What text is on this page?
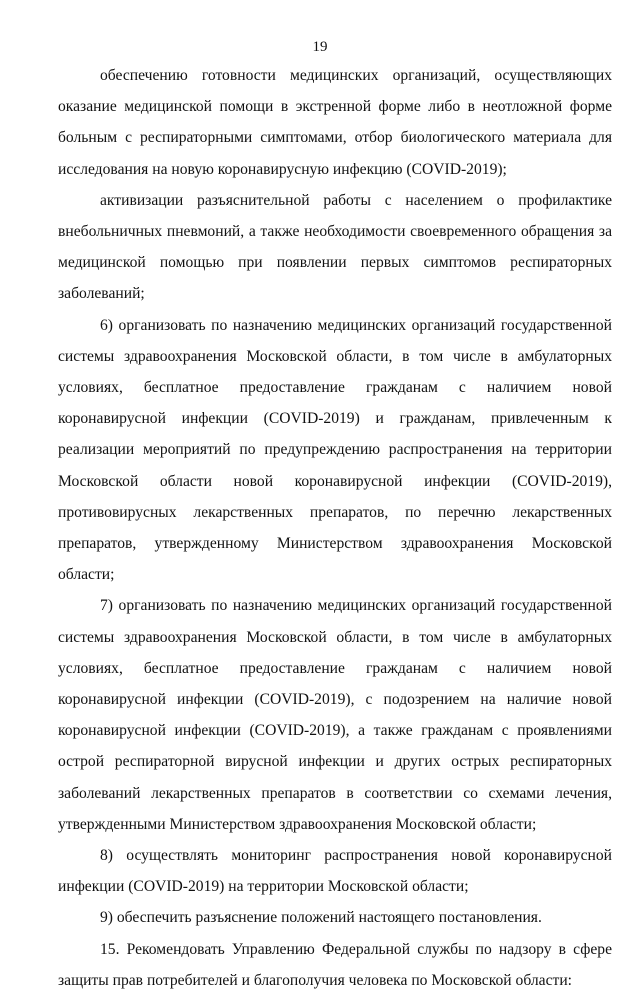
19

обеспечению готовности медицинских организаций, осуществляющих оказание медицинской помощи в экстренной форме либо в неотложной форме больным с респираторными симптомами, отбор биологического материала для исследования на новую коронавирусную инфекцию (COVID-2019);

активизации разъяснительной работы с населением о профилактике внебольничных пневмоний, а также необходимости своевременного обращения за медицинской помощью при появлении первых симптомов респираторных заболеваний;

6) организовать по назначению медицинских организаций государственной системы здравоохранения Московской области, в том числе в амбулаторных условиях, бесплатное предоставление гражданам с наличием новой коронавирусной инфекции (COVID-2019) и гражданам, привлеченным к реализации мероприятий по предупреждению распространения на территории Московской области новой коронавирусной инфекции (COVID-2019), противовирусных лекарственных препаратов, по перечню лекарственных препаратов, утвержденному Министерством здравоохранения Московской области;

7) организовать по назначению медицинских организаций государственной системы здравоохранения Московской области, в том числе в амбулаторных условиях, бесплатное предоставление гражданам с наличием новой коронавирусной инфекции (COVID-2019), с подозрением на наличие новой коронавирусной инфекции (COVID-2019), а также гражданам с проявлениями острой респираторной вирусной инфекции и других острых респираторных заболеваний лекарственных препаратов в соответствии со схемами лечения, утвержденными Министерством здравоохранения Московской области;

8) осуществлять мониторинг распространения новой коронавирусной инфекции (COVID-2019) на территории Московской области;

9) обеспечить разъяснение положений настоящего постановления.

15. Рекомендовать Управлению Федеральной службы по надзору в сфере защиты прав потребителей и благополучия человека по Московской области:
